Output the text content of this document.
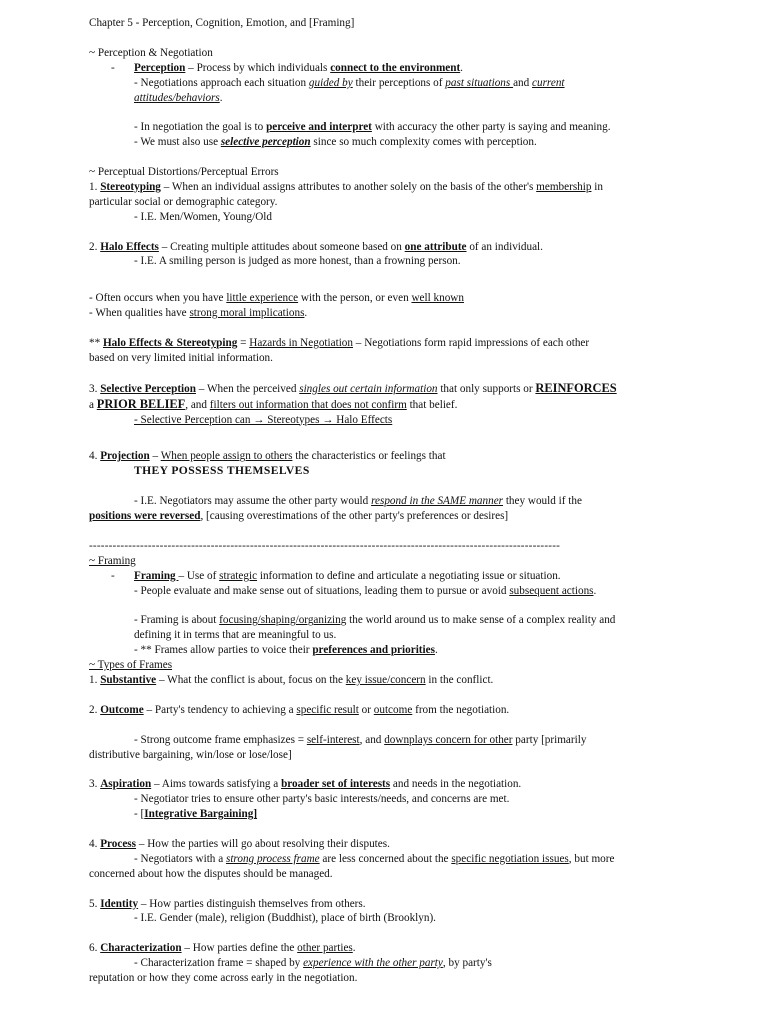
Chapter 5 - Perception, Cognition, Emotion, and [Framing]
~ Perception & Negotiation
- Perception – Process by which individuals connect to the environment.
- Negotiations approach each situation guided by their perceptions of past situations and current
attitudes/behaviors.
- In negotiation the goal is to perceive and interpret with accuracy the other party is saying and meaning.
- We must also use selective perception since so much complexity comes with perception.
~ Perceptual Distortions/Perceptual Errors
1. Stereotyping – When an individual assigns attributes to another solely on the basis of the other's membership in
particular social or demographic category.
- I.E. Men/Women, Young/Old
2. Halo Effects – Creating multiple attitudes about someone based on one attribute of an individual.
- I.E. A smiling person is judged as more honest, than a frowning person.
- Often occurs when you have little experience with the person, or even well known
- When qualities have strong moral implications.
** Halo Effects & Stereotyping = Hazards in Negotiation – Negotiations form rapid impressions of each other
based on very limited initial information.
3. Selective Perception – When the perceived singles out certain information that only supports or REINFORCES
a PRIOR BELIEF, and filters out information that does not confirm that belief.
- Selective Perception can → Stereotypes → Halo Effects
4. Projection – When people assign to others the characteristics or feelings that
THEY POSSESS THEMSELVES
- I.E. Negotiators may assume the other party would respond in the SAME manner they would if the
positions were reversed, [causing overestimations of the other party's preferences or desires]
------------------------------------------------------------------------------------------------------------------------
~ Framing
- Framing – Use of strategic information to define and articulate a negotiating issue or situation.
- People evaluate and make sense out of situations, leading them to pursue or avoid subsequent actions.
- Framing is about focusing/shaping/organizing the world around us to make sense of a complex reality and
defining it in terms that are meaningful to us.
- ** Frames allow parties to voice their preferences and priorities.
~ Types of Frames
1. Substantive – What the conflict is about, focus on the key issue/concern in the conflict.
2. Outcome – Party's tendency to achieving a specific result or outcome from the negotiation.
- Strong outcome frame emphasizes = self-interest, and downplays concern for other party [primarily
distributive bargaining, win/lose or lose/lose]
3. Aspiration – Aims towards satisfying a broader set of interests and needs in the negotiation.
- Negotiator tries to ensure other party's basic interests/needs, and concerns are met.
- [Integrative Bargaining]
4. Process – How the parties will go about resolving their disputes.
- Negotiators with a strong process frame are less concerned about the specific negotiation issues, but more
concerned about how the disputes should be managed.
5. Identity – How parties distinguish themselves from others.
- I.E. Gender (male), religion (Buddhist), place of birth (Brooklyn).
6. Characterization – How parties define the other parties.
- Characterization frame = shaped by experience with the other party, by party's
reputation or how they come across early in the negotiation.
